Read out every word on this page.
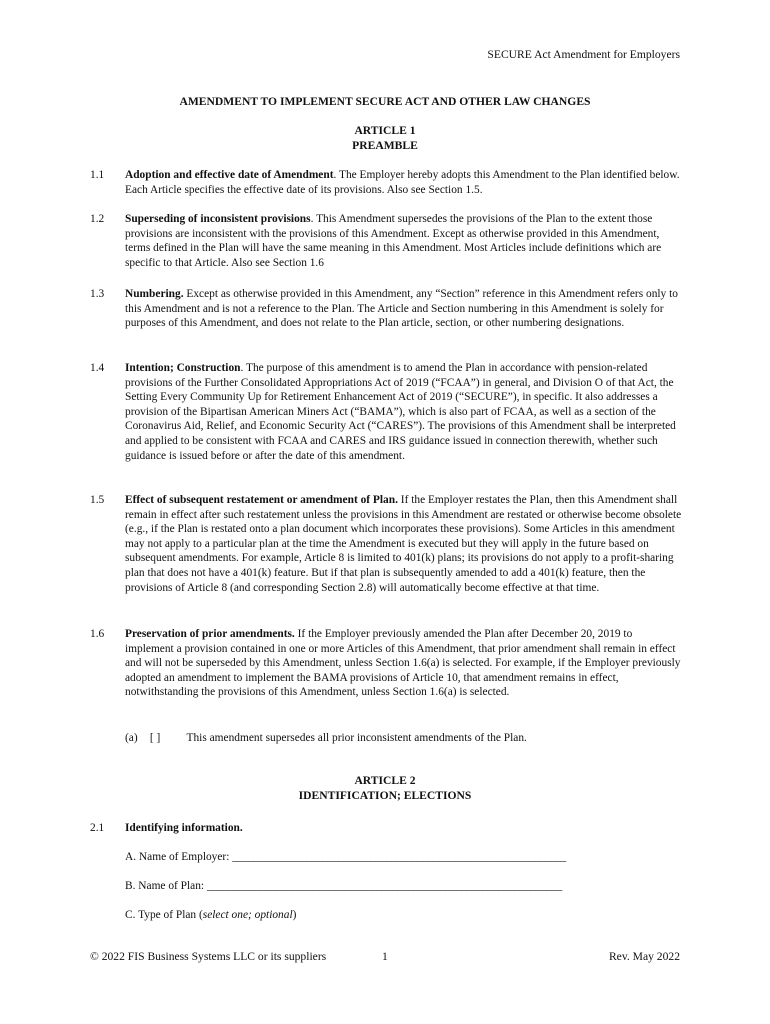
SECURE Act Amendment for Employers
AMENDMENT TO IMPLEMENT SECURE ACT AND OTHER LAW CHANGES
ARTICLE 1
PREAMBLE
1.1 Adoption and effective date of Amendment. The Employer hereby adopts this Amendment to the Plan identified below. Each Article specifies the effective date of its provisions. Also see Section 1.5.
1.2 Superseding of inconsistent provisions. This Amendment supersedes the provisions of the Plan to the extent those provisions are inconsistent with the provisions of this Amendment. Except as otherwise provided in this Amendment, terms defined in the Plan will have the same meaning in this Amendment. Most Articles include definitions which are specific to that Article. Also see Section 1.6
1.3 Numbering. Except as otherwise provided in this Amendment, any “Section” reference in this Amendment refers only to this Amendment and is not a reference to the Plan. The Article and Section numbering in this Amendment is solely for purposes of this Amendment, and does not relate to the Plan article, section, or other numbering designations.
1.4 Intention; Construction. The purpose of this amendment is to amend the Plan in accordance with pension-related provisions of the Further Consolidated Appropriations Act of 2019 (“FCAA”) in general, and Division O of that Act, the Setting Every Community Up for Retirement Enhancement Act of 2019 (“SECURE”), in specific. It also addresses a provision of the Bipartisan American Miners Act (“BAMA”), which is also part of FCAA, as well as a section of the Coronavirus Aid, Relief, and Economic Security Act (“CARES”). The provisions of this Amendment shall be interpreted and applied to be consistent with FCAA and CARES and IRS guidance issued in connection therewith, whether such guidance is issued before or after the date of this amendment.
1.5 Effect of subsequent restatement or amendment of Plan. If the Employer restates the Plan, then this Amendment shall remain in effect after such restatement unless the provisions in this Amendment are restated or otherwise become obsolete (e.g., if the Plan is restated onto a plan document which incorporates these provisions). Some Articles in this amendment may not apply to a particular plan at the time the Amendment is executed but they will apply in the future based on subsequent amendments. For example, Article 8 is limited to 401(k) plans; its provisions do not apply to a profit-sharing plan that does not have a 401(k) feature. But if that plan is subsequently amended to add a 401(k) feature, then the provisions of Article 8 (and corresponding Section 2.8) will automatically become effective at that time.
1.6 Preservation of prior amendments. If the Employer previously amended the Plan after December 20, 2019 to implement a provision contained in one or more Articles of this Amendment, that prior amendment shall remain in effect and will not be superseded by this Amendment, unless Section 1.6(a) is selected. For example, if the Employer previously adopted an amendment to implement the BAMA provisions of Article 10, that amendment remains in effect, notwithstanding the provisions of this Amendment, unless Section 1.6(a) is selected.
(a) [ ] This amendment supersedes all prior inconsistent amendments of the Plan.
ARTICLE 2
IDENTIFICATION; ELECTIONS
2.1 Identifying information.
A. Name of Employer: _______________________________________________________________
B. Name of Plan: ___________________________________________________________________
C. Type of Plan (select one; optional)
© 2022 FIS Business Systems LLC or its suppliers	1	Rev. May 2022
